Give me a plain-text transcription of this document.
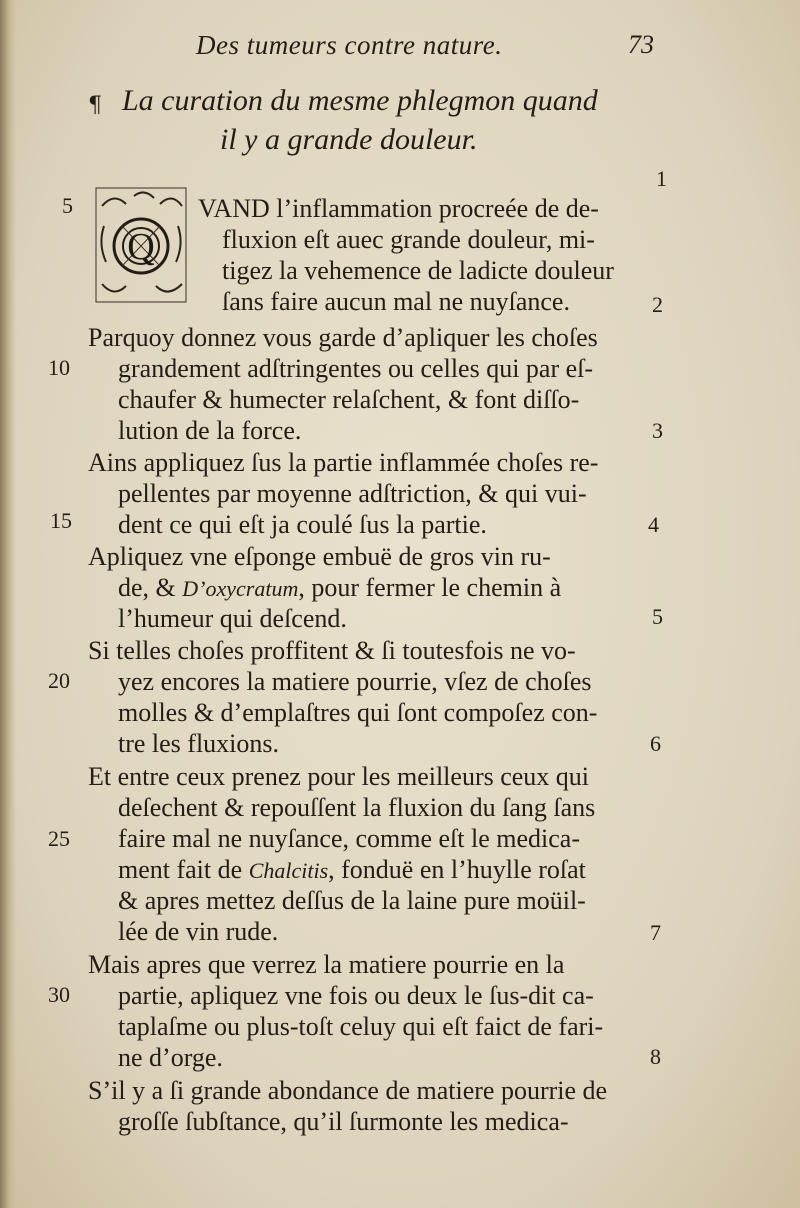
Des tumeurs contre nature.	73
¶ La curation du mesme phlegmon quand
il y a grande douleur.
Q
VAND l’inflammation procreée de de-
fluxion eſt auec grande douleur, mi-
tigez la vehemence de ladicte douleur
ſans faire aucun mal ne nuyſance.
Parquoy donnez vous garde d’apliquer les choſes
grandement adſtringentes ou celles qui par eſ-
chaufer & humecter relaſchent, & font diſſo-
lution de la force.
Ains appliquez ſus la partie inflammée choſes re-
pellentes par moyenne adſtriction, & qui vui-
dent ce qui eſt ja coulé ſus la partie.
Apliquez vne eſponge embuë de gros vin ru-
de, & D’oxycratum, pour fermer le chemin à
l’humeur qui deſcend.
Si telles choſes proffitent & ſi toutesfois ne vo-
yez encores la matiere pourrie, vſez de choſes
molles & d’emplaſtres qui ſont compoſez con-
tre les fluxions.
Et entre ceux prenez pour les meilleurs ceux qui
deſechent & repouſſent la fluxion du ſang ſans
faire mal ne nuyſance, comme eſt le medica-
ment fait de Chalcitis, fonduë en l’huylle roſat
& apres mettez deſſus de la laine pure moüil-
lée de vin rude.
Mais apres que verrez la matiere pourrie en la
partie, apliquez vne fois ou deux le ſus-dit ca-
taplaſme ou plus-toſt celuy qui eſt faict de fari-
ne d’orge.
S’il y a ſi grande abondance de matiere pourrie de
groſſe ſubſtance, qu’il ſurmonte les medica-
1
2
3
4
5
6
7
8
5
10
15
20
25
30
